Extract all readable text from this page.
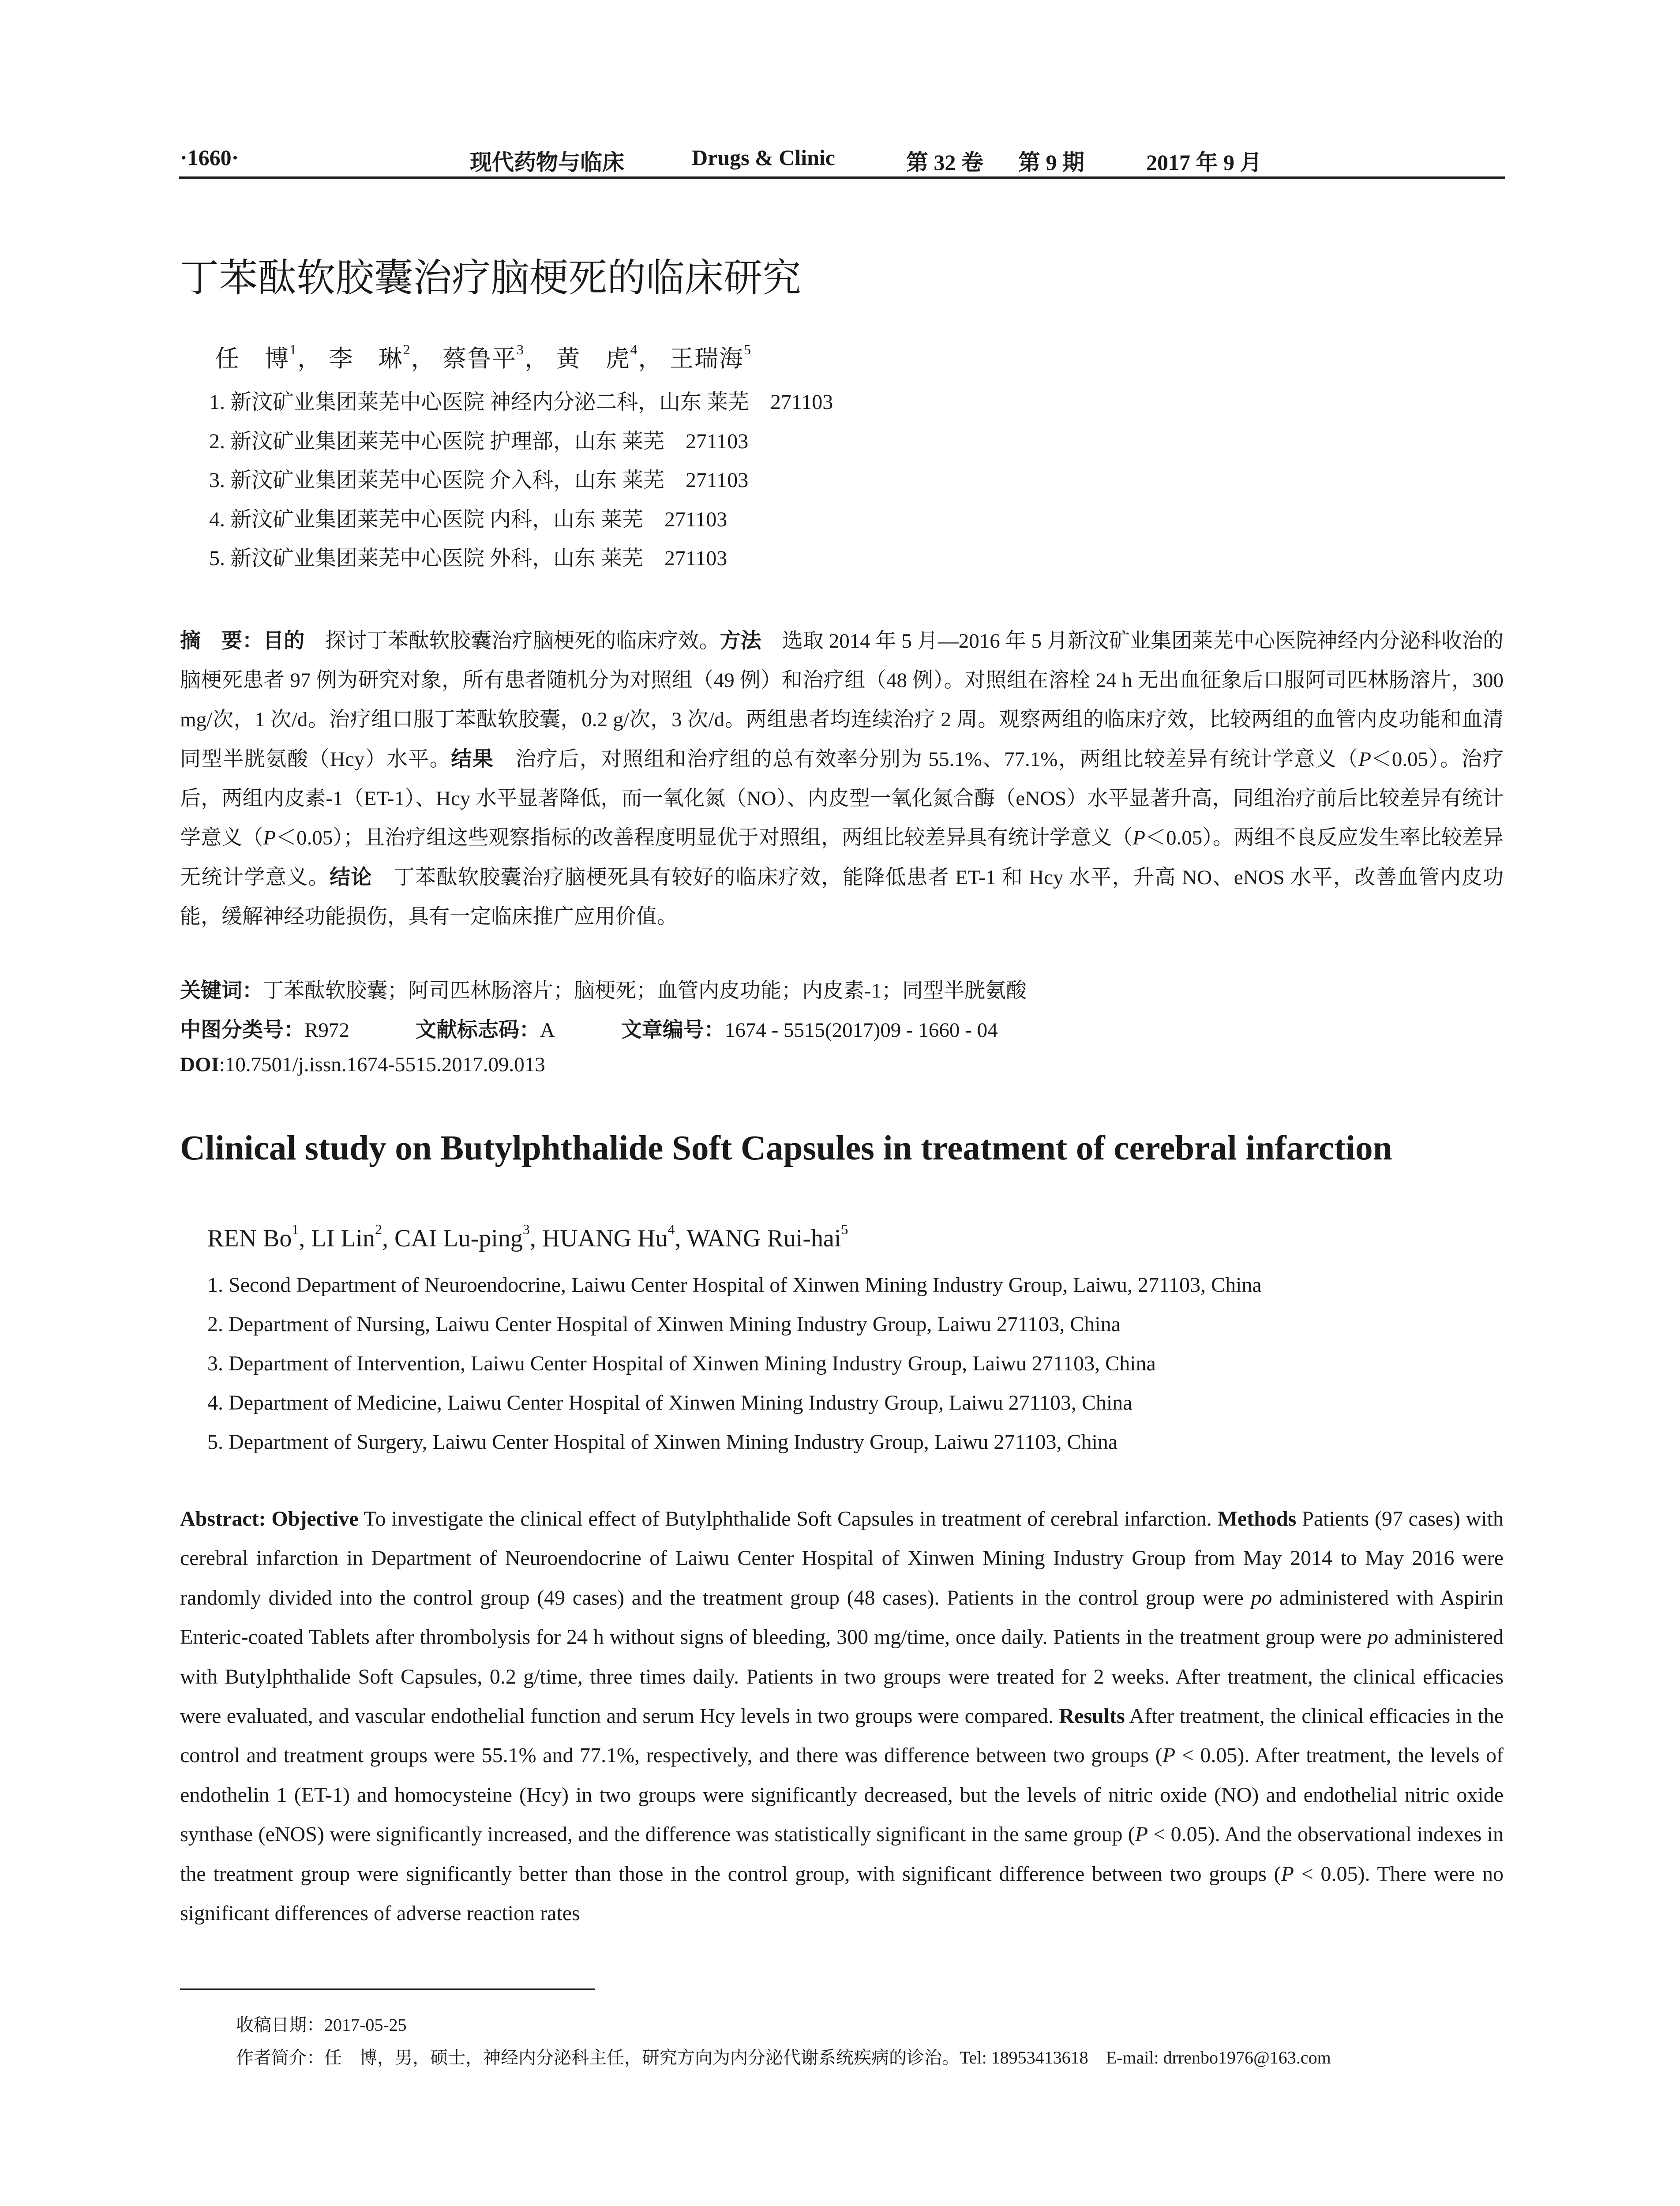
·1660·	现代药物与临床	Drugs & Clinic	第 32 卷 第 9 期	2017 年 9 月
丁苯酞软胶囊治疗脑梗死的临床研究
任　博$^1$， 李　琳$^2$， 蔡鲁平$^3$， 黄　虎$^4$， 王瑞海$^5$
1. 新汶矿业集团莱芜中心医院 神经内分泌二科，山东 莱芜　271103
2. 新汶矿业集团莱芜中心医院 护理部，山东 莱芜　271103
3. 新汶矿业集团莱芜中心医院 介入科，山东 莱芜　271103
4. 新汶矿业集团莱芜中心医院 内科，山东 莱芜　271103
5. 新汶矿业集团莱芜中心医院 外科，山东 莱芜　271103

摘　要：目的　探讨丁苯酞软胶囊治疗脑梗死的临床疗效。方法　选取 2014 年 5 月—2016 年 5 月新汶矿业集团莱芜中心医院神经内分泌科收治的脑梗死患者 97 例为研究对象，所有患者随机分为对照组（49 例）和治疗组（48 例）。对照组在溶栓 24 h 无出血征象后口服阿司匹林肠溶片，300 mg/次，1 次/d。治疗组口服丁苯酞软胶囊，0.2 g/次，3 次/d。两组患者均连续治疗 2 周。观察两组的临床疗效，比较两组的血管内皮功能和血清同型半胱氨酸（Hcy）水平。结果　治疗后，对照组和治疗组的总有效率分别为 55.1%、77.1%，两组比较差异有统计学意义（P＜0.05）。治疗后，两组内皮素-1（ET-1）、Hcy 水平显著降低，而一氧化氮（NO）、内皮型一氧化氮合酶（eNOS）水平显著升高，同组治疗前后比较差异有统计学意义（P＜0.05）；且治疗组这些观察指标的改善程度明显优于对照组，两组比较差异具有统计学意义（P＜0.05）。两组不良反应发生率比较差异无统计学意义。结论　丁苯酞软胶囊治疗脑梗死具有较好的临床疗效，能降低患者 ET-1 和 Hcy 水平，升高 NO、eNOS 水平，改善血管内皮功能，缓解神经功能损伤，具有一定临床推广应用价值。

关键词：丁苯酞软胶囊；阿司匹林肠溶片；脑梗死；血管内皮功能；内皮素-1；同型半胱氨酸
中图分类号：R972	文献标志码：A	文章编号：1674 - 5515(2017)09 - 1660 - 04
DOI:10.7501/j.issn.1674-5515.2017.09.013
Clinical study on Butylphthalide Soft Capsules in treatment of cerebral infarction
REN Bo$^1$, LI Lin$^2$, CAI Lu-ping$^3$, HUANG Hu$^4$, WANG Rui-hai$^5$
1. Second Department of Neuroendocrine, Laiwu Center Hospital of Xinwen Mining Industry Group, Laiwu, 271103, China
2. Department of Nursing, Laiwu Center Hospital of Xinwen Mining Industry Group, Laiwu 271103, China
3. Department of Intervention, Laiwu Center Hospital of Xinwen Mining Industry Group, Laiwu 271103, China
4. Department of Medicine, Laiwu Center Hospital of Xinwen Mining Industry Group, Laiwu 271103, China
5. Department of Surgery, Laiwu Center Hospital of Xinwen Mining Industry Group, Laiwu 271103, China

Abstract: Objective To investigate the clinical effect of Butylphthalide Soft Capsules in treatment of cerebral infarction. Methods Patients (97 cases) with cerebral infarction in Department of Neuroendocrine of Laiwu Center Hospital of Xinwen Mining Industry Group from May 2014 to May 2016 were randomly divided into the control group (49 cases) and the treatment group (48 cases). Patients in the control group were po administered with Aspirin Enteric-coated Tablets after thrombolysis for 24 h without signs of bleeding, 300 mg/time, once daily. Patients in the treatment group were po administered with Butylphthalide Soft Capsules, 0.2 g/time, three times daily. Patients in two groups were treated for 2 weeks. After treatment, the clinical efficacies were evaluated, and vascular endothelial function and serum Hcy levels in two groups were compared. Results After treatment, the clinical efficacies in the control and treatment groups were 55.1% and 77.1%, respectively, and there was difference between two groups (P < 0.05). After treatment, the levels of endothelin 1 (ET-1) and homocysteine (Hcy) in two groups were significantly decreased, but the levels of nitric oxide (NO) and endothelial nitric oxide synthase (eNOS) were significantly increased, and the difference was statistically significant in the same group (P < 0.05). And the observational indexes in the treatment group were significantly better than those in the control group, with significant difference between two groups (P < 0.05). There were no significant differences of adverse reaction rates

收稿日期：2017-05-25
作者简介：任　博，男，硕士，神经内分泌科主任，研究方向为内分泌代谢系统疾病的诊治。Tel: 18953413618　E-mail: drrenbo1976@163.com
